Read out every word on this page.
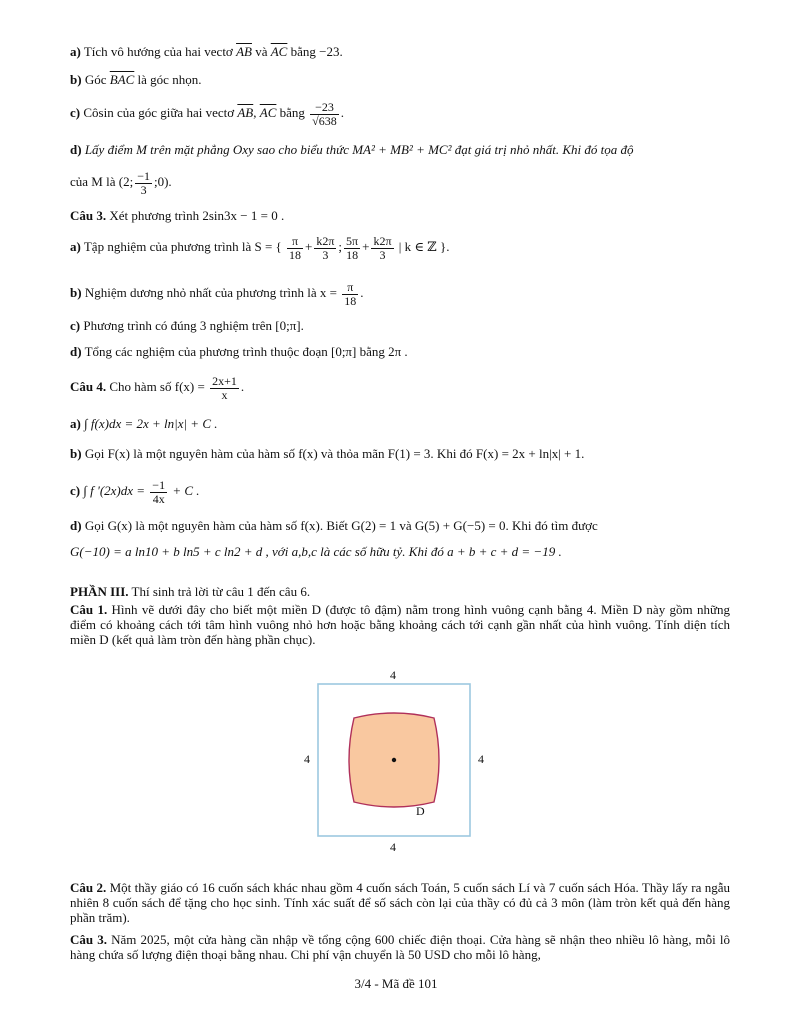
a) Tích vô hướng của hai vectơ $\overline{AB}$ và $\overline{AC}$ bằng −23.
b) Góc $\overline{BAC}$ là góc nhọn.
c) Côsin của góc giữa hai vectơ $\overline{AB}$, $\overline{AC}$ bằng $\frac{-23}{√638}$ .
d) Lấy điểm M trên mặt phẳng Oxy sao cho biểu thức MA² + MB² + MC² đạt giá trị nhỏ nhất. Khi đó tọa độ
của M là (2; $\frac{-1}{3}$ ;0).
Câu 3. Xét phương trình 2sin3x − 1 = 0 .
a) Tập nghiệm của phương trình là S = { $\frac{\pi}{18} + \frac{k2\pi}{3}$ ; $\frac{5\pi}{18} + \frac{k2\pi}{3}$ | k ∈ ℤ }.
b) Nghiệm dương nhỏ nhất của phương trình là $x = \frac{\pi}{18}$ .
c) Phương trình có đúng 3 nghiệm trên [0;π].
d) Tổng các nghiệm của phương trình thuộc đoạn [0;π] bằng 2π .
Câu 4. Cho hàm số $f(x) = \frac{2x+1}{x}$ .
a) ∫ f(x)dx = 2x + ln|x| + C .
b) Gọi F(x) là một nguyên hàm của hàm số f(x) và thỏa mãn F(1) = 3. Khi đó F(x) = 2x + ln|x| + 1.
c) ∫ f '$(2x)dx = \frac{-1}{4x} + C$ .
d) Gọi G(x) là một nguyên hàm của hàm số f(x). Biết G(2) = 1 và G(5) + G(−5) = 0. Khi đó tìm được
G(−10) = a ln10 + b ln5 + c ln2 + d , với a,b,c là các số hữu tỷ. Khi đó a + b + c + d = −19 .
PHẦN III. Thí sinh trả lời từ câu 1 đến câu 6.
Câu 1. Hình vẽ dưới đây cho biết một miền D (được tô đậm) nằm trong hình vuông cạnh bằng 4. Miền D này gồm những điểm có khoảng cách tới tâm hình vuông nhỏ hơn hoặc bằng khoảng cách tới cạnh gần nhất của hình vuông. Tính diện tích miền D (kết quả làm tròn đến hàng phần chục).
4
4	4
4
D
Câu 2. Một thầy giáo có 16 cuốn sách khác nhau gồm 4 cuốn sách Toán, 5 cuốn sách Lí và 7 cuốn sách Hóa. Thầy lấy ra ngẫu nhiên 8 cuốn sách để tặng cho học sinh. Tính xác suất để số sách còn lại của thầy có đủ cả 3 môn (làm tròn kết quả đến hàng phần trăm).
Câu 3. Năm 2025, một cửa hàng cần nhập về tổng cộng 600 chiếc điện thoại. Cửa hàng sẽ nhận theo nhiều lô hàng, mỗi lô hàng chứa số lượng điện thoại bằng nhau. Chi phí vận chuyển là 50 USD cho mỗi lô hàng,
3/4 - Mã đề 101
